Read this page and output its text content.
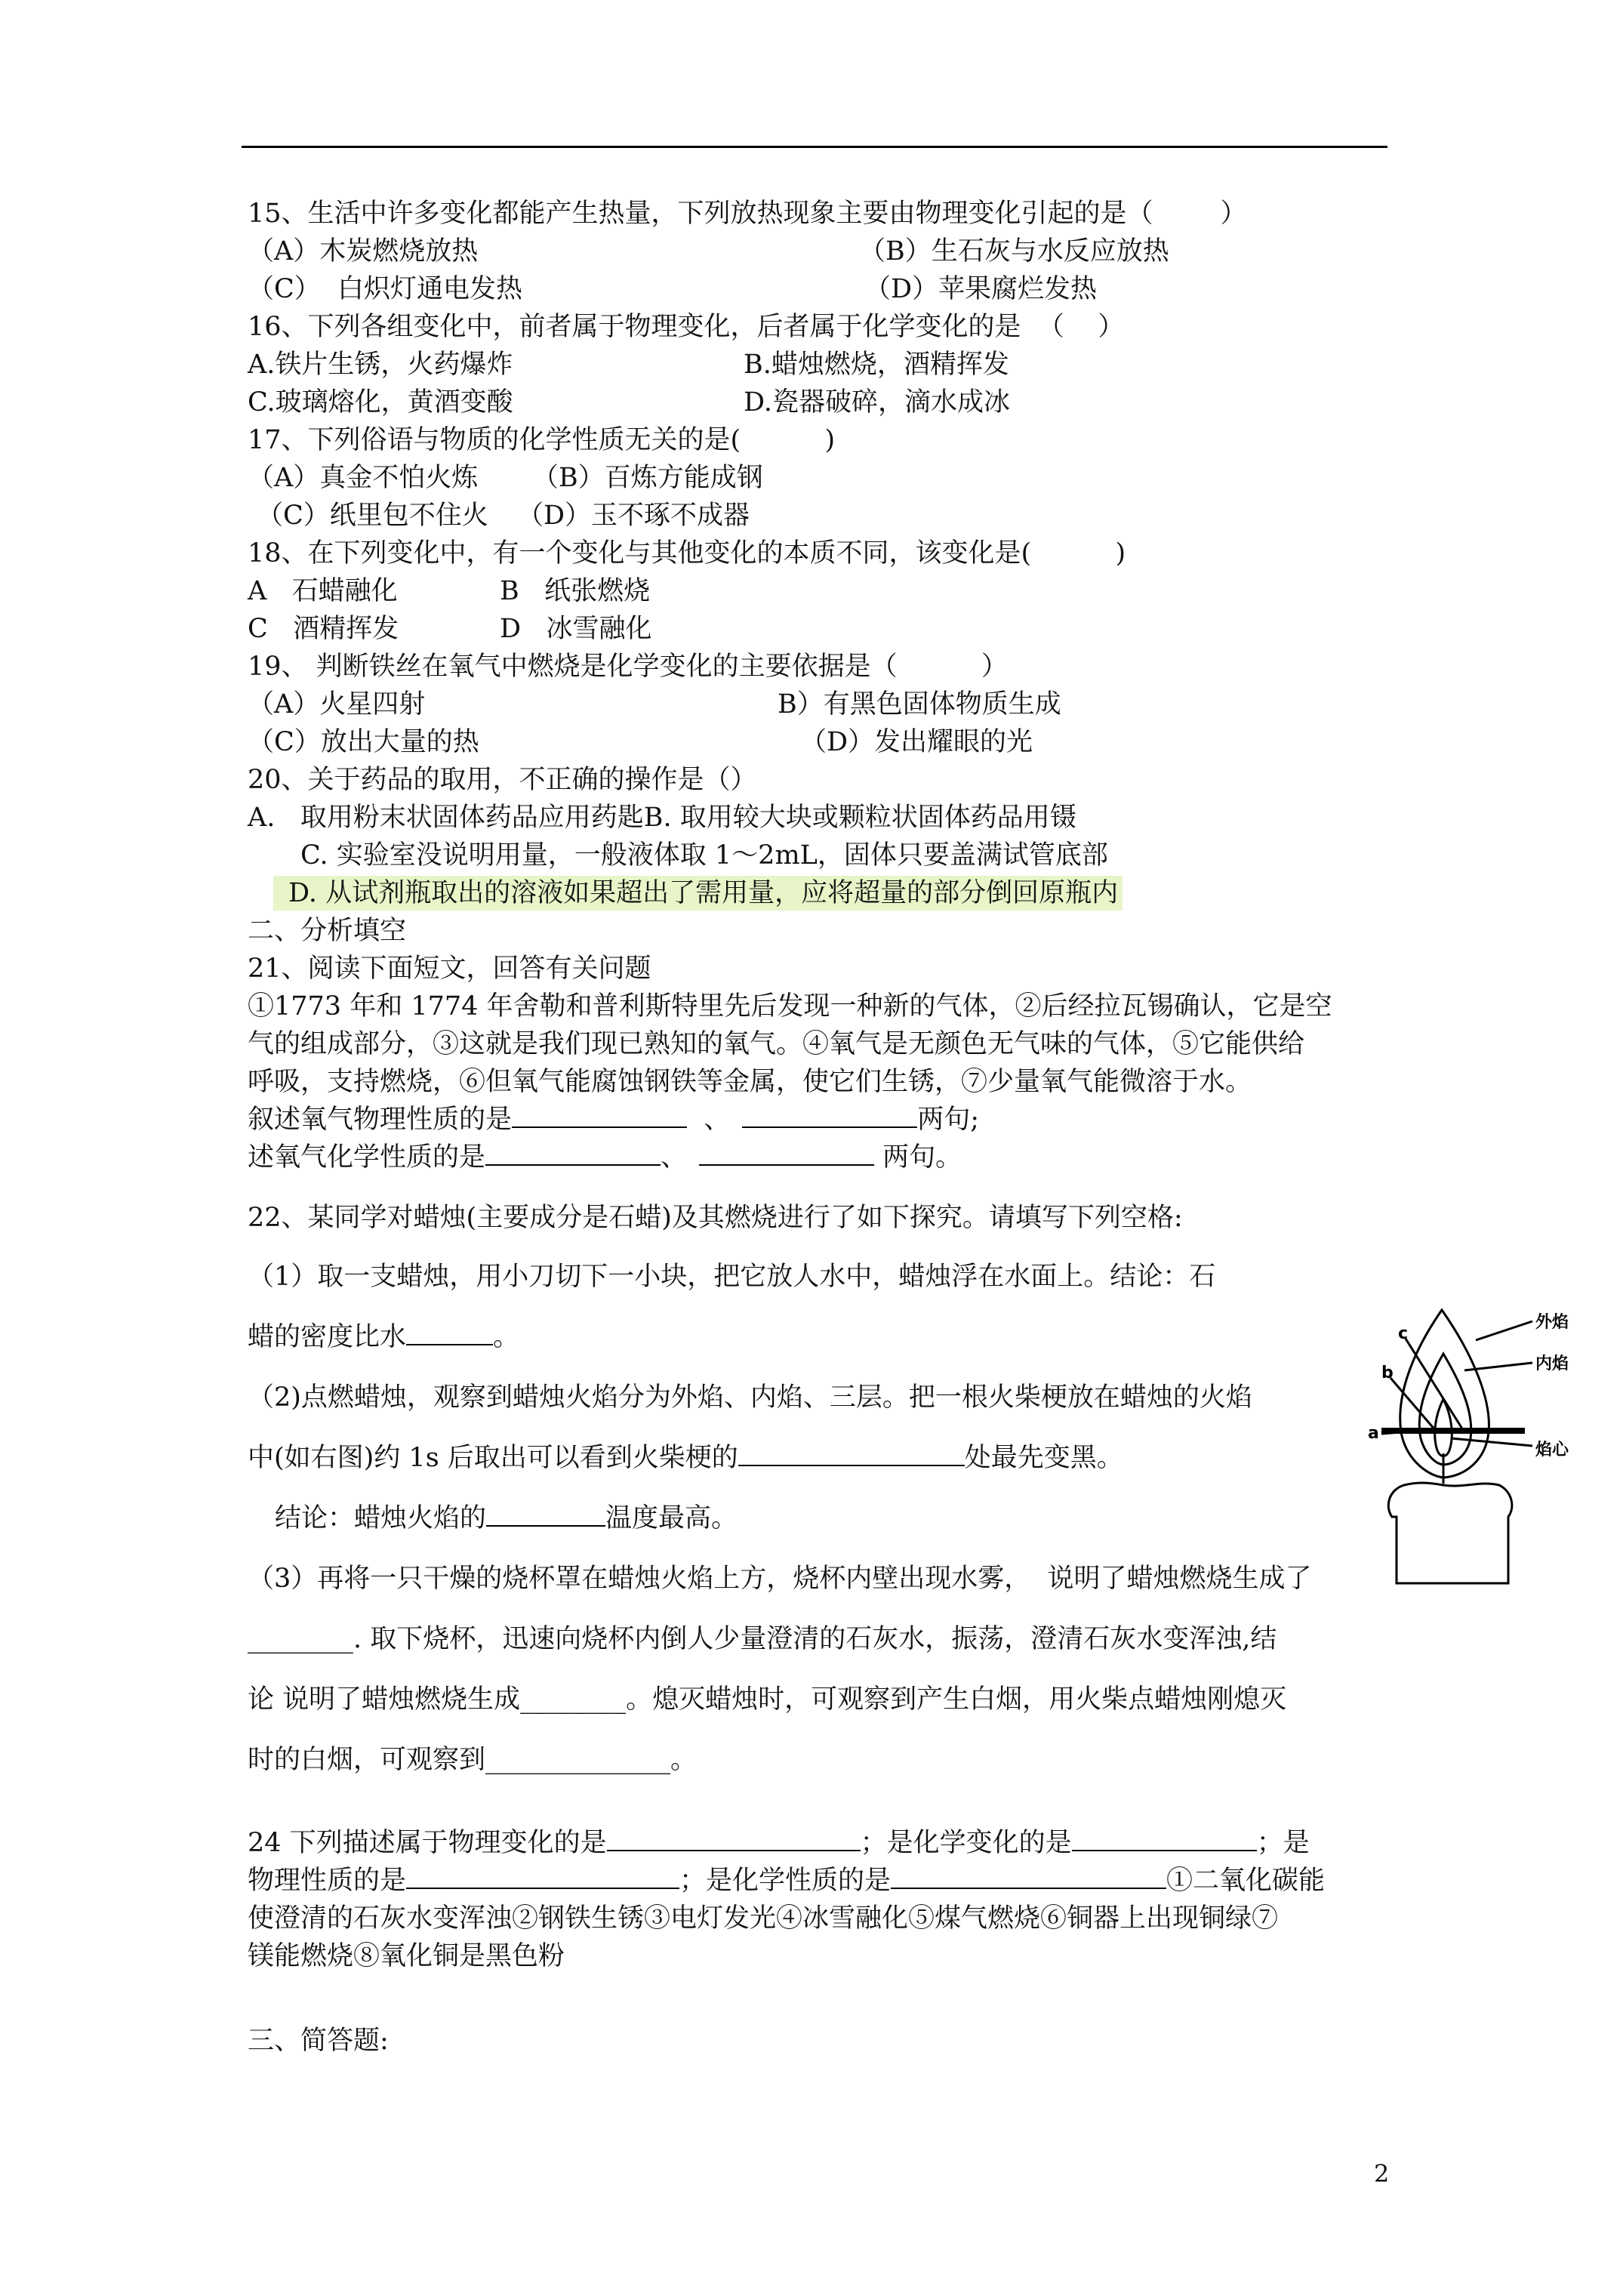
15、生活中许多变化都能产生热量，下列放热现象主要由物理变化引起的是（        ）
（A）木炭燃烧放热	（B）生石灰与水反应放热
（C）  白炽灯通电发热	（D）苹果腐烂发热
16、下列各组变化中，前者属于物理变化，后者属于化学变化的是  （    ）
A.铁片生锈，火药爆炸	B.蜡烛燃烧，酒精挥发
C.玻璃熔化，黄酒变酸	D.瓷器破碎，滴水成冰
17、下列俗语与物质的化学性质无关的是(          )
（A）真金不怕火炼 （B）百炼方能成钢
（C）纸里包不住火 （D）玉不琢不成器
18、在下列变化中，有一个变化与其他变化的本质不同，该变化是(          )
A   石蜡融化	B   纸张燃烧
C   酒精挥发	D   冰雪融化
19、 判断铁丝在氧气中燃烧是化学变化的主要依据是（          ）
（A）火星四射	B）有黑色固体物质生成
（C）放出大量的热	（D）发出耀眼的光
20、关于药品的取用，不正确的操作是（）
A.   取用粉末状固体药品应用药匙B. 取用较大块或颗粒状固体药品用镊
C. 实验室没说明用量，一般液体取 1～2mL，固体只要盖满试管底部
D. 从试剂瓶取出的溶液如果超出了需用量，应将超量的部分倒回原瓶内
二、分析填空
21、阅读下面短文，回答有关问题
①1773 年和 1774 年舍勒和普利斯特里先后发现一种新的气体，②后经拉瓦锡确认，它是空
气的组成部分，③这就是我们现已熟知的氧气。④氧气是无颜色无气味的气体，⑤它能供给
呼吸，支持燃烧，⑥但氧气能腐蚀钢铁等金属，使它们生锈，⑦少量氧气能微溶于水。
叙述氧气物理性质的是	、	两句;
述氧气化学性质的是	、	两句。
22、某同学对蜡烛(主要成分是石蜡)及其燃烧进行了如下探究。请填写下列空格:
（1）取一支蜡烛，用小刀切下一小块，把它放人水中，蜡烛浮在水面上。结论：石
蜡的密度比水	。
（2)点燃蜡烛，观察到蜡烛火焰分为外焰、内焰、三层。把一根火柴梗放在蜡烛的火焰
中(如右图)约 1s 后取出可以看到火柴梗的	处最先变黑。
结论：蜡烛火焰的	温度最高。
（3）再将一只干燥的烧杯罩在蜡烛火焰上方，烧杯内壁出现水雾，  说明了蜡烛燃烧生成了
________. 取下烧杯，迅速向烧杯内倒人少量澄清的石灰水，振荡，澄清石灰水变浑浊,结
论 说明了蜡烛燃烧生成________。熄灭蜡烛时，可观察到产生白烟，用火柴点蜡烛刚熄灭
时的白烟，可观察到______________。
24 下列描述属于物理变化的是	；是化学变化的是	；是
物理性质的是	；是化学性质的是	①二氧化碳能
使澄清的石灰水变浑浊②钢铁生锈③电灯发光④冰雪融化⑤煤气燃烧⑥铜器上出现铜绿⑦
镁能燃烧⑧氧化铜是黑色粉
三、简答题:
a
b
c
外焰
内焰
焰心
2
